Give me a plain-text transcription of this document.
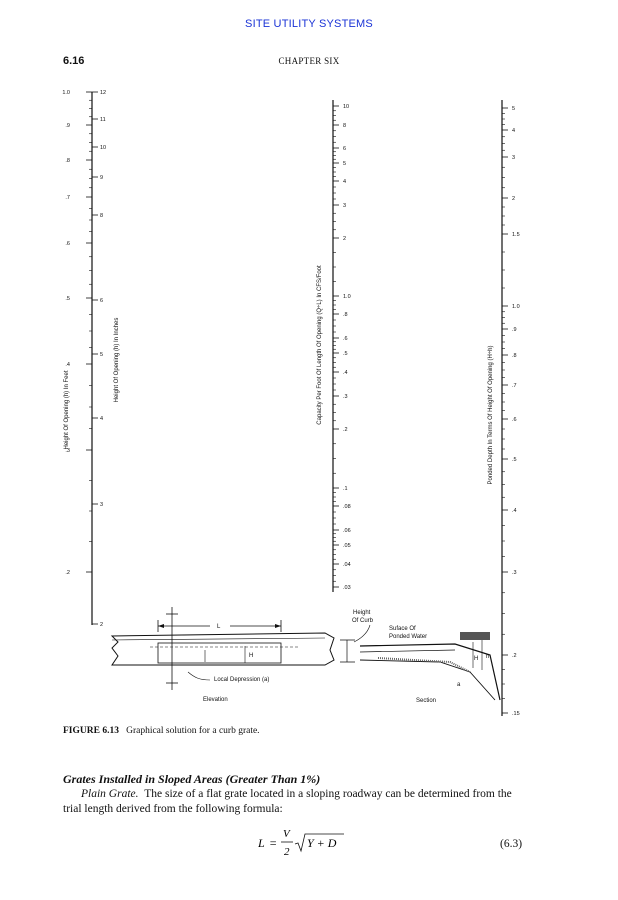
SITE UTILITY SYSTEMS
6.16	CHAPTER SIX
Height Of Opening (h) In Feet
1.0
.9
.8
.7
.6
.5
.4
.3
.2
Height Of Opening (h) In Inches
12
11
10
9
8
6
5
4
3
2
Capacity Per Foot Of Length Of Opening (Q÷L) In CFS/Foot
10
8
6
5
4
3
2
1.0
.8
.6
.5
.4
.3
.2
.1
.08
.06
.05
.04
.03
Ponded Depth In Terms Of Height Of Opening (H÷h)
5
4
3
2
1.5
1.0
.9
.8
.7
.6
.5
.4
.3
.2
.15
L
H
Local Depression (a)
Elevation
Height
Of Curb
Suface Of
Ponded Water
H h
a
Section
FIGURE 6.13 Graphical solution for a curb grate.
Grates Installed in Sloped Areas (Greater Than 1%)
Plain Grate. The size of a flat grate located in a sloping roadway can be determined from the trial length derived from the following formula:
L =
V
2
Y + D	(6.3)
